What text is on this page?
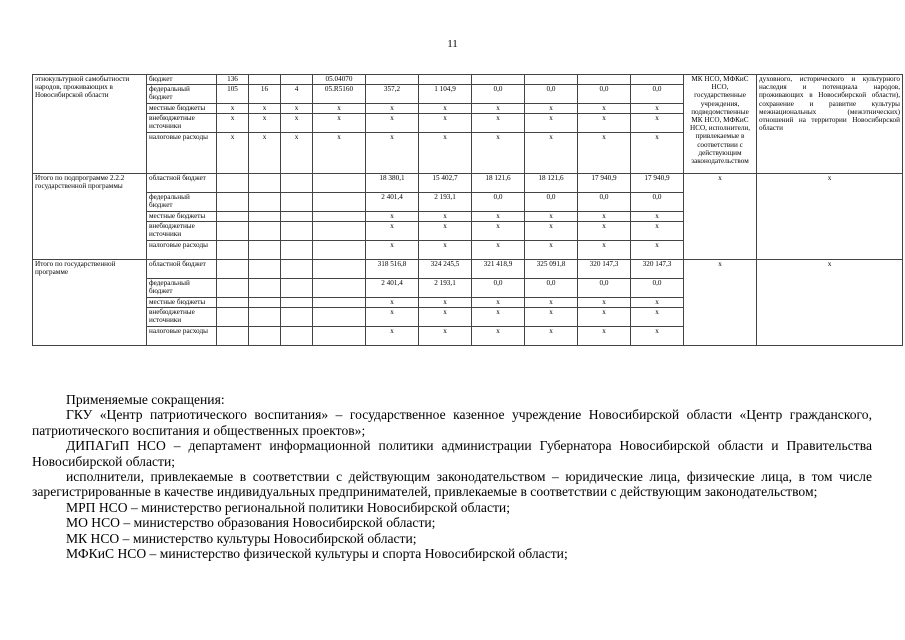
11
этнокультурной самобытности народов, проживающих в Новосибирской области	бюджет	136			05.04070							МК НСО, МФКиС НСО, государственные учреждения, подведомственные МК НСО, МФКиС НСО, исполнители, привлекаемые в соответствии с действующим законодательством	духовного, исторического и культурного наследия и потенциала народов, проживающих в Новосибирской области), сохранение и развитие культуры межнациональных (межэтнических) отношений на территории Новосибирской области
	федеральный бюджет	105	16	4	05.R5160	357,2	1 104,9	0,0	0,0	0,0	0,0		
	местные бюджеты	х	х	х	х	х	х	х	х	х	х		
	внебюджетные источники	х	х	х	х	х	х	х	х	х	х		
	налоговые расходы	х	х	х	х	х	х	х	х	х	х		
Итого по подпрограмме 2.2.2 государственной программы	областной бюджет					18 380,1	15 402,7	18 121,6	18 121,6	17 940,9	17 940,9	х	х
	федеральный бюджет					2 401,4	2 193,1	0,0	0,0	0,0	0,0		
	местные бюджеты					х	х	х	х	х	х		
	внебюджетные источники					х	х	х	х	х	х		
	налоговые расходы					х	х	х	х	х	х		
Итого по государственной программе	областной бюджет					318 516,8	324 245,5	321 418,9	325 091,8	320 147,3	320 147,3	х	х
	федеральный бюджет					2 401,4	2 193,1	0,0	0,0	0,0	0,0		
	местные бюджеты					х	х	х	х	х	х		
	внебюджетные источники					х	х	х	х	х	х		
	налоговые расходы					х	х	х	х	х	х		

Применяемые сокращения:

ГКУ «Центр патриотического воспитания» – государственное казенное учреждение Новосибирской области «Центр гражданского, патриотического воспитания и общественных проектов»;

ДИПАГиП НСО – департамент информационной политики администрации Губернатора Новосибирской области и Правительства Новосибирской области;

исполнители, привлекаемые в соответствии с действующим законодательством – юридические лица, физические лица, в том числе зарегистрированные в качестве индивидуальных предпринимателей, привлекаемые в соответствии с действующим законодательством;

МРП НСО – министерство региональной политики Новосибирской области;

МО НСО – министерство образования Новосибирской области;

МК НСО – министерство культуры Новосибирской области;

МФКиС НСО – министерство физической культуры и спорта Новосибирской области;
